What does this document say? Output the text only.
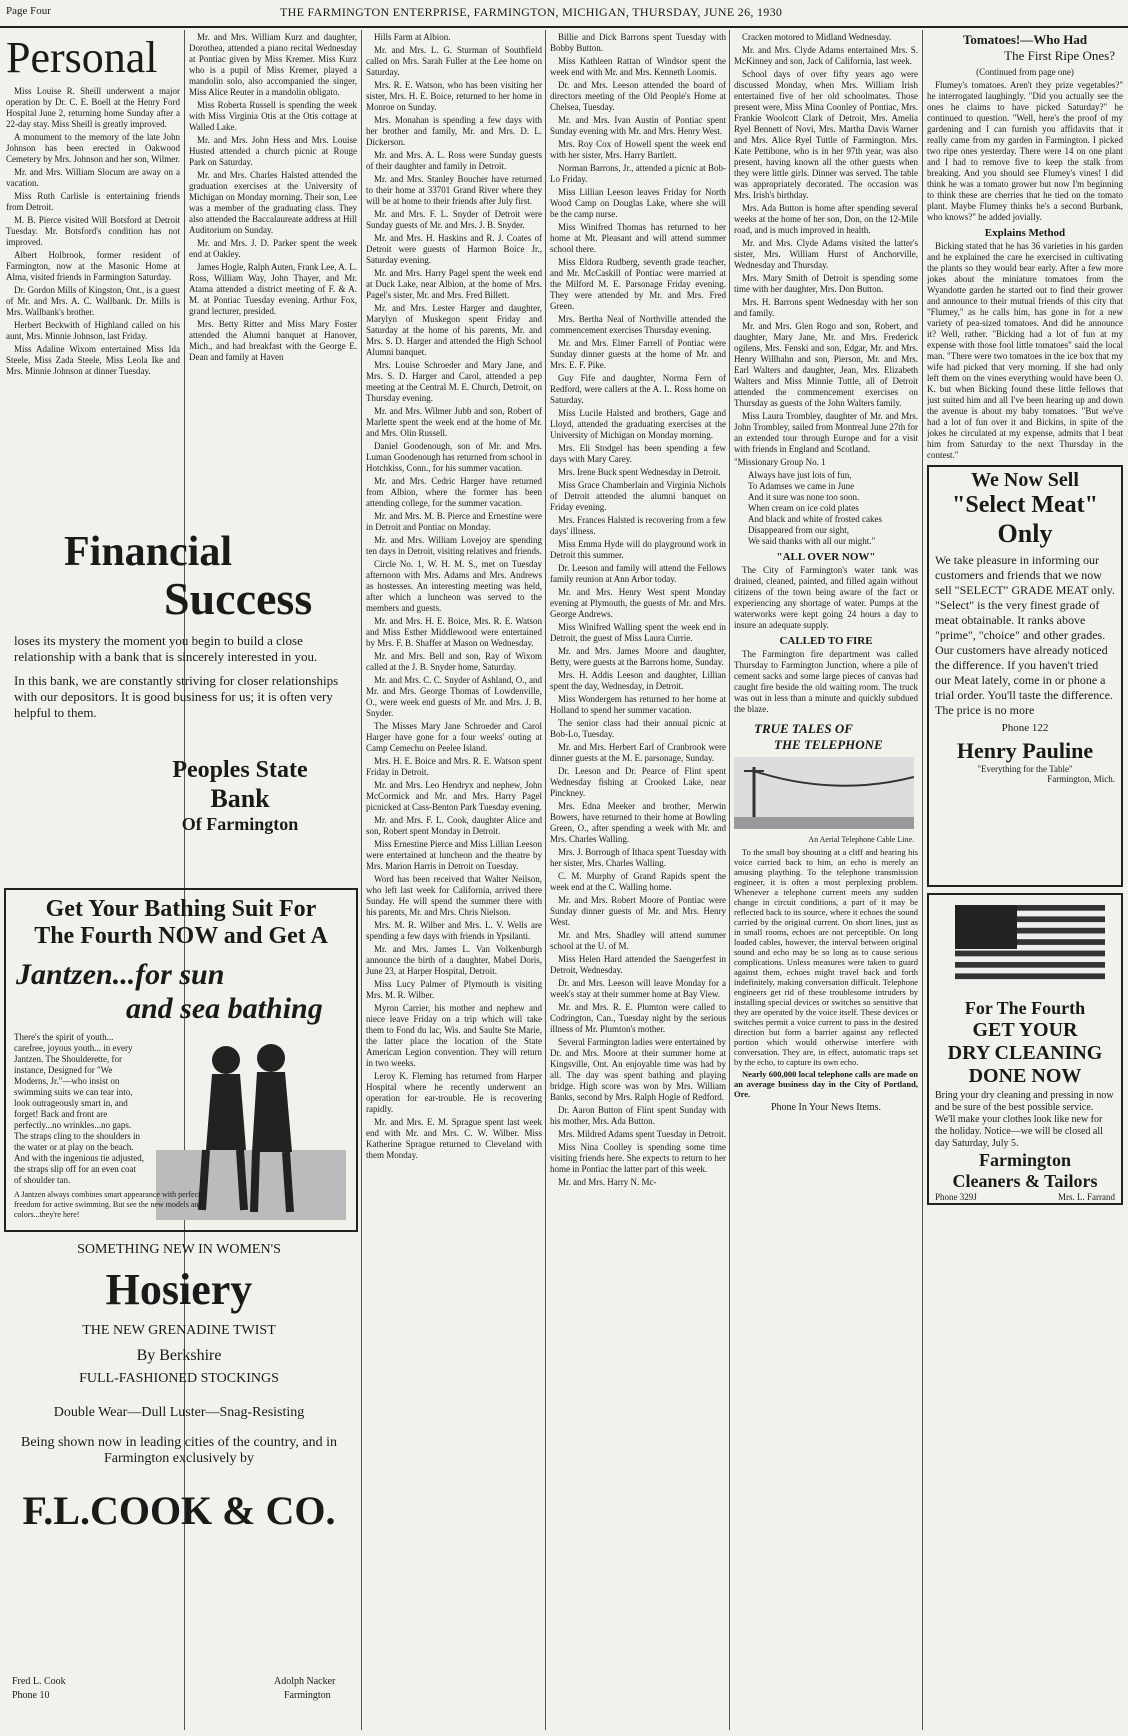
Page Four	THE FARMINGTON ENTERPRISE, FARMINGTON, MICHIGAN, THURSDAY, JUNE 26, 1930
Personal
Miss Louise R. Sheill underwent a major operation by Dr. C. E. Boell at the Henry Ford Hospital June 2, returning home Sunday after a 22-day stay. Miss Sheill is greatly improved.
A monument to the memory of the late John Johnson has been erected in Oakwood Cemetery by Mrs. Johnson and her son, Wilmer.
Mr. and Mrs. William Slocum are away on a vacation.
Miss Ruth Carlisle is entertaining friends from Detroit.
M. B. Pierce visited Will Botsford at Detroit Tuesday. Mr. Botsford's condition has not improved.
Albert Holbrook, former resident of Farmington, now at the Masonic Home at Alma, visited friends in Farmington Saturday.
Dr. Gordon Mills of Kingston, Ont., is a guest of Mr. and Mrs. A. C. Wallbank. Dr. Mills is Mrs. Wallbank's brother.
Herbert Beckwith of Highland called on his aunt, Mrs. Minnie Johnson, last Friday.
Miss Adaline Wixom entertained Miss Ida Steele, Miss Zada Steele, Miss Leola Ike and Mrs. Minnie Johnson at dinner Tuesday.
Mr. and Mrs. William Kurz and daughter, Dorothea, attended a piano recital Wednesday at Pontiac given by Miss Kremer. Miss Kurz who is a pupil of Miss Kremer, played a mandolin solo, also accompanied the singer, Miss Alice Reuter in a mandolin obligato.
Miss Roberta Russell is spending the week with Miss Virginia Otis at the Otis cottage at Walled Lake.
Mr. and Mrs. John Hess and Mrs. Louise Husted attended a church picnic at Rouge Park on Saturday.
Mr. and Mrs. Charles Halsted attended the graduation exercises at the University of Michigan on Monday morning. Their son, Lee was a member of the graduating class. They also attended the Baccalaureate address at Hill Auditorium on Sunday.
Mr. and Mrs. J. D. Parker spent the week end at Oakley.
James Hogle, Ralph Auten, Frank Lee, A. L. Ross, William Way, John Thayer, and Mr. Atama attended a district meeting of F. & A. M. at Pontiac Tuesday evening. Arthur Fox, grand lecturer, presided.
Mrs. Betty Ritter and Miss Mary Foster attended the Alumni banquet at Hanover, Mich., and had breakfast with the George E. Dean and family at Haven
Financial
Success
loses its mystery the moment you begin to build a close relationship with a bank that is sincerely interested in you.
In this bank, we are constantly striving for closer relationships with our depositors. It is good business for us; it is often very helpful to them.
Peoples State
Bank
Of Farmington
Get Your Bathing Suit For
The Fourth NOW and Get A
Jantzen...for sun
and sea bathing
There's the spirit of youth... carefree, joyous youth... in every Jantzen. The Shoulderette, for instance, Designed for "We Moderns, Jr."—who insist on swimming suits we can tear into, look outrageously smart in, and forget! Back and front are perfectly...no wrinkles...no gaps. The straps cling to the shoulders in the water or at play on the beach. And with the ingenious tie adjusted, the straps slip off for an even coat of shoulder tan.
A Jantzen always combines smart appearance with perfect freedom for active swimming. But see the new models and colors...they're here!
SOMETHING NEW IN WOMEN'S
Hosiery
THE NEW GRENADINE TWIST
By Berkshire
FULL-FASHIONED STOCKINGS
Double Wear—Dull Luster—Snag-Resisting
Being shown now in leading cities of the country, and in Farmington exclusively by
F.L.COOK & CO.
Fred L. Cook
Phone 10
Adolph Nacker
Farmington
Hills Farm at Albion.
Mr. and Mrs. L. G. Sturman of Southfield called on Mrs. Sarah Fuller at the Lee home on Saturday.
Mrs. R. E. Watson, who has been visiting her sister, Mrs. H. E. Boice, returned to her home in Monroe on Sunday.
Mrs. Monahan is spending a few days with her brother and family, Mr. and Mrs. D. L. Dickerson.
Mr. and Mrs. A. L. Ross were Sunday guests of their daughter and family in Detroit.
Mr. and Mrs. Stanley Boucher have returned to their home at 33701 Grand River where they will be at home to their friends after July first.
Mr. and Mrs. F. L. Snyder of Detroit were Sunday guests of Mr. and Mrs. J. B. Snyder.
Mr. and Mrs. H. Haskins and R. J. Coates of Detroit were guests of Harmon Boice Jr., Saturday evening.
Mr. and Mrs. Harry Pagel spent the week end at Duck Lake, near Albion, at the home of Mrs. Pagel's sister, Mr. and Mrs. Fred Billett.
Mr. and Mrs. Lester Harger and daughter, Marylyn of Muskegon spent Friday and Saturday at the home of his parents, Mr. and Mrs. S. D. Harger and attended the High School Alumni banquet.
Mrs. Louise Schroeder and Mary Jane, and Mrs. S. D. Harger and Carol, attended a pep meeting at the Central M. E. Church, Detroit, on Thursday evening.
Mr. and Mrs. Wilmer Jubb and son, Robert of Marlette spent the week end at the home of Mr. and Mrs. Olin Russell.
Daniel Goodenough, son of Mr. and Mrs. Luman Goodenough has returned from school in Hotchkiss, Conn., for his summer vacation.
Mr. and Mrs. Cedric Harger have returned from Albion, where the former has been attending college, for the summer vacation.
Mr. and Mrs. M. B. Pierce and Ernestine were in Detroit and Pontiac on Monday.
Mr. and Mrs. William Lovejoy are spending ten days in Detroit, visiting relatives and friends.
Circle No. 1, W. H. M. S., met on Tuesday afternoon with Mrs. Adams and Mrs. Andrews as hostesses. An interesting meeting was held, after which a luncheon was served to the members and guests.
Mr. and Mrs. H. E. Boice, Mrs. R. E. Watson and Miss Esther Middlewood were entertained by Mrs. F. B. Shaffer at Mason on Wednesday.
Mr. and Mrs. Bell and son, Ray of Wixom called at the J. B. Snyder home, Saturday.
Mr. and Mrs. C. C. Snyder of Ashland, O., and Mr. and Mrs. George Thomas of Lowdenville, O., were week end guests of Mr. and Mrs. J. B. Snyder.
The Misses Mary Jane Schroeder and Carol Harger have gone for a four weeks' outing at Camp Cemechu on Peelee Island.
Mrs. H. E. Boice and Mrs. R. E. Watson spent Friday in Detroit.
Mr. and Mrs. Leo Hendryx and nephew, John McCormick and Mr. and Mrs. Harry Pagel picnicked at Cass-Benton Park Tuesday evening.
Mr. and Mrs. F. L. Cook, daughter Alice and son, Robert spent Monday in Detroit.
Miss Ernestine Pierce and Miss Lillian Leeson were entertained at luncheon and the theatre by Mrs. Marion Harris in Detroit on Tuesday.
Word has been received that Walter Neilson, who left last week for California, arrived there Sunday. He will spend the summer there with his parents, Mr. and Mrs. Chris Nielson.
Mrs. M. R. Wilber and Mrs. L. V. Wells are spending a few days with friends in Ypsilanti.
Mr. and Mrs. James L. Van Volkenburgh announce the birth of a daughter, Mabel Doris, June 23, at Harper Hospital, Detroit.
Miss Lucy Palmer of Plymouth is visiting Mrs. M. R. Wilber.
Myron Carrier, his mother and nephew and niece leave Friday on a trip which will take them to Fond du lac, Wis. and Saulte Ste Marie, the latter place the location of the State American Legion convention. They will return in two weeks.
Leroy K. Fleming has returned from Harper Hospital where he recently underwent an operation for ear-trouble. He is recovering rapidly.
Mr. and Mrs. E. M. Sprague spent last week end with Mr. and Mrs. C. W. Wilber. Miss Katherine Sprague returned to Cleveland with them Monday.
Billie and Dick Barrons spent Tuesday with Bobby Button.
Miss Kathleen Rattan of Windsor spent the week end with Mr. and Mrs. Kenneth Loomis.
Dr. and Mrs. Leeson attended the board of directors meeting of the Old People's Home at Chelsea, Tuesday.
Mr. and Mrs. Ivan Austin of Pontiac spent Sunday evening with Mr. and Mrs. Henry West.
Mrs. Roy Cox of Howell spent the week end with her sister, Mrs. Harry Bartlett.
Norman Barrons, Jr., attended a picnic at Bob-Lo Friday.
Miss Lillian Leeson leaves Friday for North Wood Camp on Douglas Lake, where she will be the camp nurse.
Miss Winifred Thomas has returned to her home at Mt. Pleasant and will attend summer school there.
Miss Eldora Rudberg, seventh grade teacher, and Mr. McCaskill of Pontiac were married at the Milford M. E. Parsonage Friday evening. They were attended by Mr. and Mrs. Fred Green.
Mrs. Bertha Neal of Northville attended the commencement exercises Thursday evening.
Mr. and Mrs. Elmer Farrell of Pontiac were Sunday dinner guests at the home of Mr. and Mrs. E. F. Pike.
Guy Fife and daughter, Norma Fern of Redford, were callers at the A. L. Ross home on Saturday.
Miss Lucile Halsted and brothers, Gage and Lloyd, attended the graduating exercises at the University of Michigan on Monday morning.
Mrs. Eli Stodgel has been spending a few days with Mary Carey.
Mrs. Irene Buck spent Wednesday in Detroit.
Miss Grace Chamberlain and Virginia Nichols of Detroit attended the alumni banquet on Friday evening.
Mrs. Frances Halsted is recovering from a few days' illness.
Miss Emma Hyde will do playground work in Detroit this summer.
Dr. Leeson and family will attend the Fellows family reunion at Ann Arbor today.
Mr. and Mrs. Henry West spent Monday evening at Plymouth, the guests of Mr. and Mrs. George Andrews.
Miss Winifred Walling spent the week end in Detroit, the guest of Miss Laura Currie.
Mr. and Mrs. James Moore and daughter, Betty, were guests at the Barrons home, Sunday.
Mrs. H. Addis Leeson and daughter, Lillian spent the day, Wednesday, in Detroit.
Miss Wondergem has returned to her home at Holland to spend her summer vacation.
The senior class had their annual picnic at Bob-Lo, Tuesday.
Mr. and Mrs. Herbert Earl of Cranbrook were dinner guests at the M. E. parsonage, Sunday.
Dr. Leeson and Dr. Pearce of Flint spent Wednesday fishing at Crooked Lake, near Pinckney.
Mrs. Edna Meeker and brother, Merwin Bowers, have returned to their home at Bowling Green, O., after spending a week with Mr. and Mrs. Charles Walling.
Mrs. J. Borrough of Ithaca spent Tuesday with her sister, Mrs. Charles Walling.
C. M. Murphy of Grand Rapids spent the week end at the C. Walling home.
Mr. and Mrs. Robert Moore of Pontiac were Sunday dinner guests of Mr. and Mrs. Henry West.
Mr. and Mrs. Shadley will attend summer school at the U. of M.
Miss Helen Hard attended the Saengerfest in Detroit, Wednesday.
Dr. and Mrs. Leeson will leave Monday for a week's stay at their summer home at Bay View.
Mr. and Mrs. R. E. Plumton were called to Codrington, Can., Tuesday night by the serious illness of Mr. Plumton's mother.
Several Farmington ladies were entertained by Dr. and Mrs. Moore at their summer home at Kingsville, Ont. An enjoyable time was had by all. The day was spent bathing and playing bridge. High score was won by Mrs. William Banks, second by Mrs. Ralph Hogle of Redford.
Dr. Aaron Button of Flint spent Sunday with his mother, Mrs. Ada Button.
Mrs. Mildred Adams spent Tuesday in Detroit.
Miss Nina Coolley is spending some time visiting friends here. She expects to return to her home in Pontiac the latter part of this week.
Mr. and Mrs. Harry N. Mc-
Cracken motored to Midland Wednesday.
Mr. and Mrs. Clyde Adams entertained Mrs. S. McKinney and son, Jack of California, last week.
School days of over fifty years ago were discussed Monday, when Mrs. William Irish entertained five of her old schoolmates. Those present were, Miss Mina Coonley of Pontiac, Mrs. Frankie Woolcott Clark of Detroit, Mrs. Amelia Ryel Bennett of Novi, Mrs. Martha Davis Warner and Mrs. Alice Ryel Tuttle of Farmington. Mrs. Kate Pettibone, who is in her 97th year, was also present, having known all the other guests when they were little girls. Dinner was served. The table was appropriately decorated. The occasion was Mrs. Irish's birthday.
Mrs. Ada Button is home after spending several weeks at the home of her son, Don, on the 12-Mile road, and is much improved in health.
Mr. and Mrs. Clyde Adams visited the latter's sister, Mrs. William Hurst of Anchorville, Wednesday and Thursday.
Mrs. Mary Smith of Detroit is spending some time with her daughter, Mrs. Don Button.
Mrs. H. Barrons spent Wednesday with her son and family.
Mr. and Mrs. Glen Rogo and son, Robert, and daughter, Mary Jane, Mr. and Mrs. Frederick ogilens, Mrs. Fenski and son, Edgar, Mr. and Mrs. Henry Willhahn and son, Pierson, Mr. and Mrs. Earl Walters and daughter, Jean, Mrs. Elizabeth Walters and Miss Minnie Tuttle, all of Detroit attended the commencement exercises on Thursday as guests of the John Walters family.
Miss Laura Trombley, daughter of Mr. and Mrs. John Trombley, sailed from Montreal June 27th for an extended tour through Europe and for a visit with friends in England and Scotland.
"Missionary Group No. 1
Always have just lots of fun,
To Adamses we came in June
And it sure was none too soon.
When cream on ice cold plates
And black and white of frosted cakes
Disappeared from our sight,
We said thanks with all our might."
"ALL OVER NOW"
The City of Farmington's water tank was drained, cleaned, painted, and filled again without citizens of the town being aware of the fact or experiencing any shortage of water. Pumps at the waterworks were kept going 24 hours a day to insure an adequate supply.
CALLED TO FIRE
The Farmington fire department was called Thursday to Farmington Junction, where a pile of cement sacks and some large pieces of canvas had caught fire beside the old waiting room. The truck was out in less than a minute and quickly subdued the blaze.
TRUE TALES OF
THE TELEPHONE
An Aerial Telephone Cable Line.
To the small boy shouting at a cliff and hearing his voice carried back to him, an echo is merely an amusing plaything. To the telephone transmission engineer, it is often a most perplexing problem. Whenever a telephone current meets any sudden change in circuit conditions, a part of it may be reflected back to its source, where it echoes the sound carried by the original current. On short lines, just as in small rooms, echoes are not perceptible. On long loaded cables, however, the interval between original sound and echo may be so long as to cause serious complications. Unless measures were taken to guard against them, echoes might travel back and forth indefinitely, making conversation difficult. Telephone engineers get rid of these troublesome intruders by installing special devices or switches so sensitive that they are operated by the voice itself. These devices or switches permit a voice current to pass in the desired direction but form a barrier against any reflected portion which would otherwise interfere with conversation. They are, in effect, automatic traps set by the echo, to capture its own echo.
Nearly 600,000 local telephone calls are made on an average business day in the City of Portland, Ore.
Phone In Your News Items.
Tomatoes!—Who Had
The First Ripe Ones?
(Continued from page one)
Flumey's tomatoes. Aren't they prize vegetables?" he interrogated laughingly. "Did you actually see the ones he claims to have picked Saturday?" he continued to question. "Well, here's the proof of my gardening and I can furnish you affidavits that it really came from my garden in Farmington. I picked two ripe ones yesterday. There were 14 on one plant and I had to remove five to keep the stalk from breaking. And you should see Flumey's vines! I did think he was a tomato grower but now I'm beginning to think these are cherries that he tied on the tomato plant. Maybe Flumey thinks he's a second Burbank, who knows?" he added jovially.
Explains Method
Bicking stated that he has 36 varieties in his garden and he explained the care he exercised in cultivating the plants so they would bear early. After a few more jokes about the miniature tomatoes from the Wyandotte garden he started out to find their grower and announce to their mutual friends of this city that "Flumey," as he calls him, has gone in for a new variety of pea-sized tomatoes. And did he announce it? Well, rather. "Bicking had a lot of fun at my expense with those fool little tomatoes" said the local man. "There were two tomatoes in the ice box that my wife had picked that very morning. If she had only left them on the vines everything would have been O. K. but when Bicking found these little fellows that just suited him and all I've been hearing up and down the avenue is about my baby tomatoes. "But we've had a lot of fun over it and Bickins, in spite of the jokes he circulated at my expense, admits that I beat him from Saturday to the next Thursday in the contest."
We Now Sell
"Select Meat"
Only
We take pleasure in informing our customers and friends that we now sell "SELECT" GRADE MEAT only. "Select" is the very finest grade of meat obtainable. It ranks above "prime", "choice" and other grades. Our customers have already noticed the difference. If you haven't tried our Meat lately, come in or phone a trial order. You'll taste the difference. The price is no more
Phone 122
Henry Pauline
"Everything for the Table"
Farmington, Mich.
For The Fourth
GET YOUR
DRY CLEANING
DONE NOW
Bring your dry cleaning and pressing in now and be sure of the best possible service. We'll make your clothes look like new for the holiday. Notice—we will be closed all day Saturday, July 5.
Farmington
Cleaners & Tailors
Phone 329J	Mrs. L. Farrand
